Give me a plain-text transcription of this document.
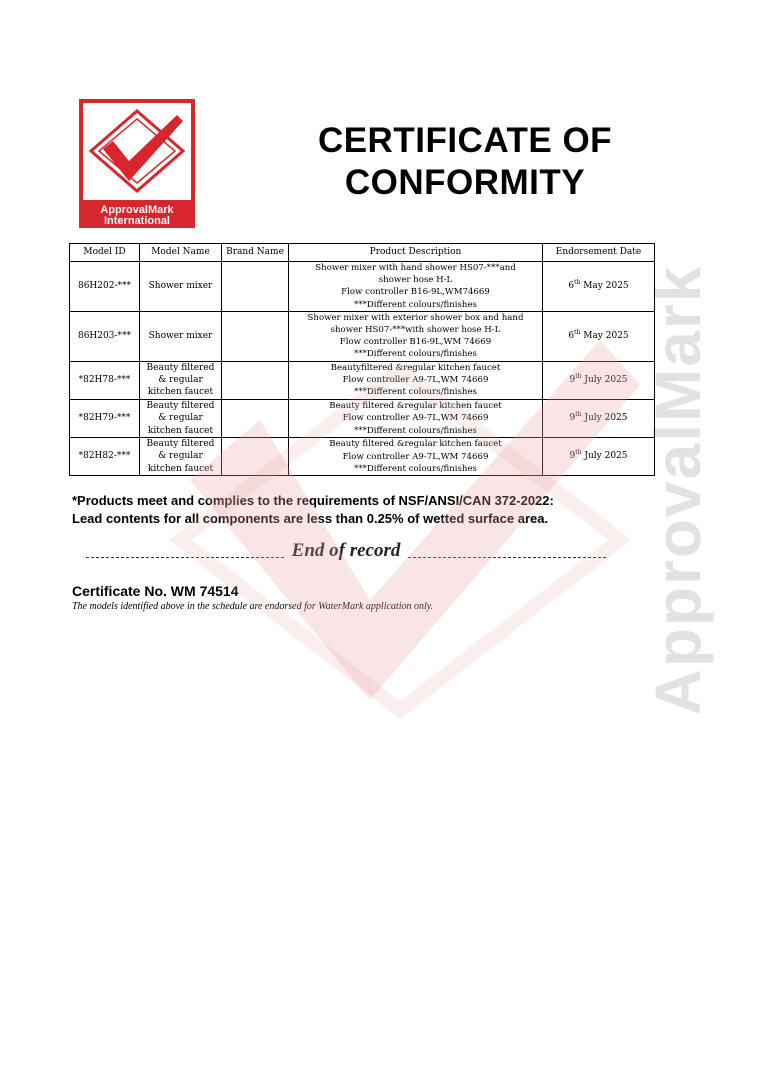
ApprovalMark
International
CERTIFICATE OF
CONFORMITY
ApprovalMark
Model ID	Model Name	Brand Name	Product Description	Endorsement Date
86H202-***	Shower mixer		Shower mixer with hand shower HS07-***and
shower hose H-L
Flow controller B16-9L,WM74669
***Different colours/finishes	6th May 2025
86H203-***	Shower mixer		Shower mixer with exterior shower box and hand
shower HS07-***with shower hose H-L
Flow controller B16-9L,WM 74669
***Different colours/finishes	6th May 2025
*82H78-***	Beauty filtered
& regular
kitchen faucet		Beautyfiltered &regular kitchen faucet
Flow controller A9-7L,WM 74669
***Different colours/finishes	9th July 2025
*82H79-***	Beauty filtered
& regular
kitchen faucet		Beauty filtered &regular kitchen faucet
Flow controller A9-7L,WM 74669
***Different colours/finishes	9th July 2025
*82H82-***	Beauty filtered
& regular
kitchen faucet		Beauty filtered &regular kitchen faucet
Flow controller A9-7L,WM 74669
***Different colours/finishes	9th July 2025
*Products meet and complies to the requirements of NSF/ANSI/CAN 372-2022:
Lead contents for all components are less than 0.25% of wetted surface area.
End of record
Certificate No. WM 74514
The models identified above in the schedule are endorsed for WaterMark application only.
